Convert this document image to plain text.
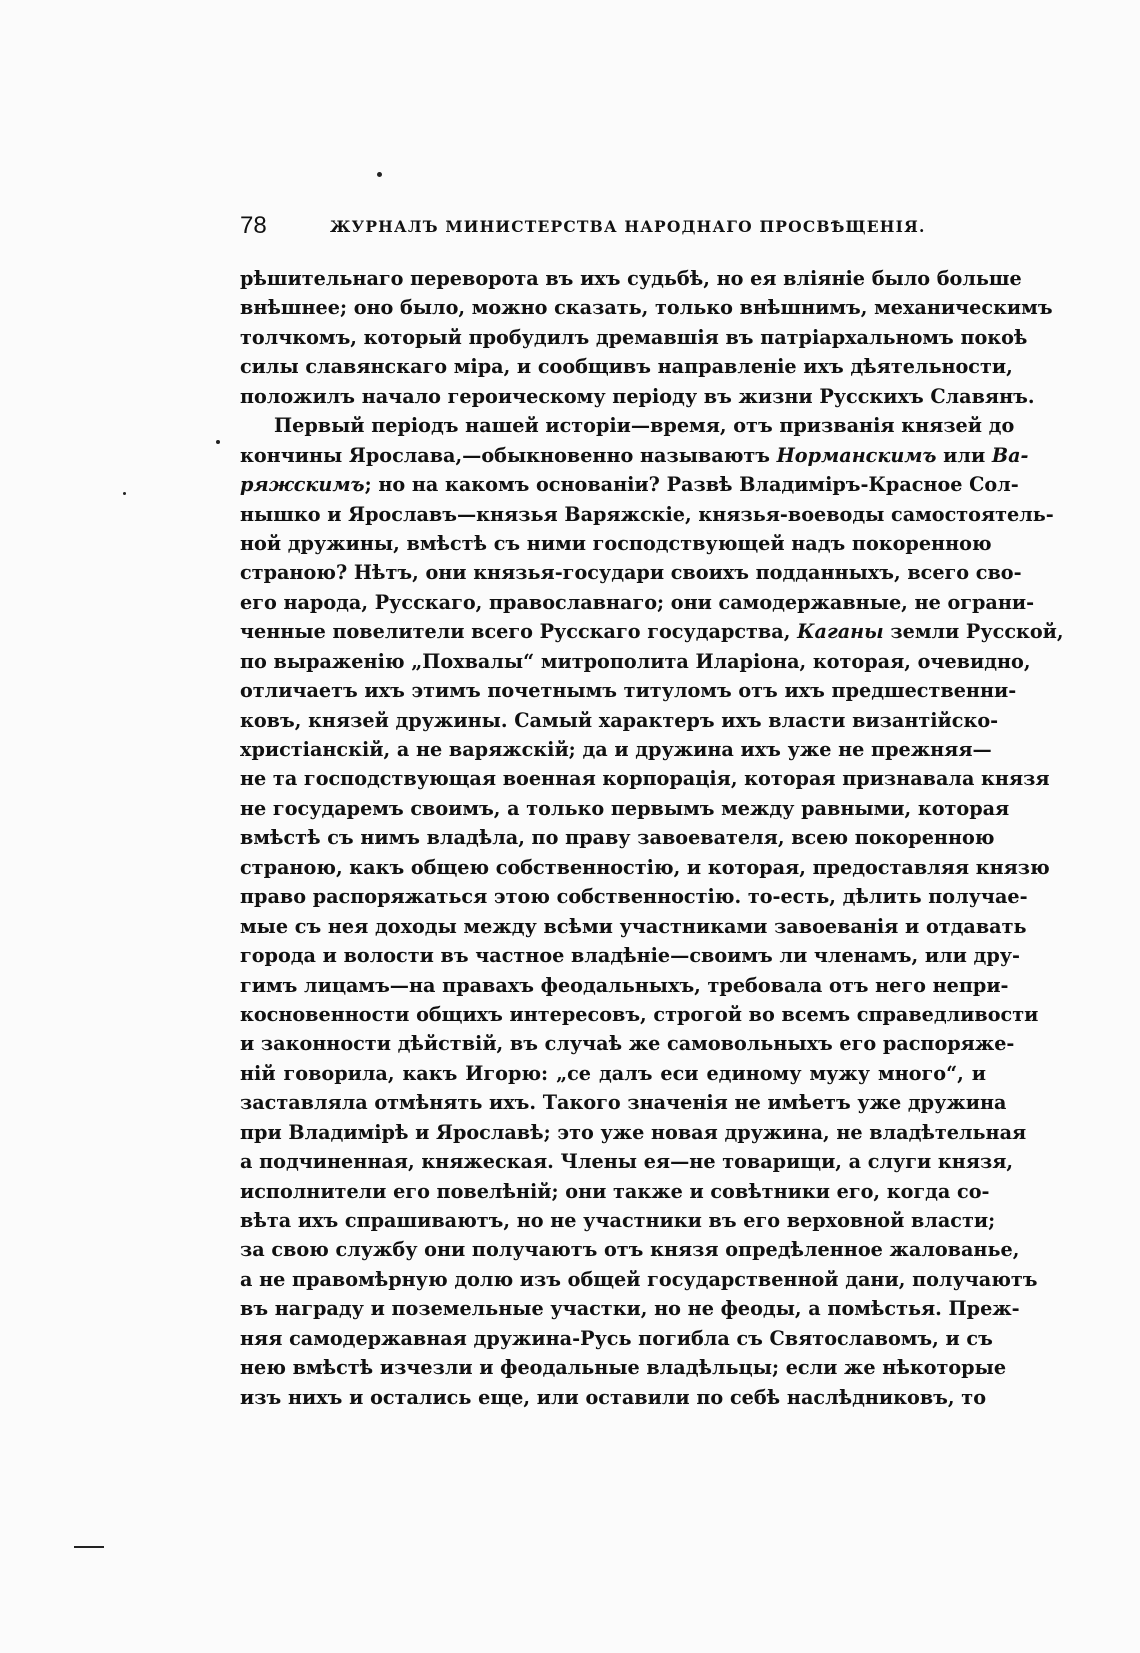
78	ЖУРНАЛЪ МИНИСТЕРСТВА НАРОДНАГО ПРОСВѢЩЕНІЯ.
рѣшительнаго переворота въ ихъ судьбѣ, но ея вліяніе было больше
внѣшнее; оно было, можно сказать, только внѣшнимъ, механическимъ
толчкомъ, который пробудилъ дремавшія въ патріархальномъ покоѣ
силы славянскаго міра, и сообщивъ направленіе ихъ дѣятельности,
положилъ начало героическому періоду въ жизни Русскихъ Славянъ.
Первый періодъ нашей исторіи—время, отъ призванія князей до
кончины Ярослава,—обыкновенно называютъ Норманскимъ или Ва-
ряжскимъ; но на какомъ основаніи? Развѣ Владиміръ-Красное Сол-
нышко и Ярославъ—князья Варяжскіе, князья-воеводы самостоятель-
ной дружины, вмѣстѣ съ ними господствующей надъ покоренною
страною? Нѣтъ, они князья-государи своихъ подданныхъ, всего сво-
его народа, Русскаго, православнаго; они самодержавные, не ограни-
ченные повелители всего Русскаго государства, Каганы земли Русской,
по выраженію „Похвалы“ митрополита Иларіона, которая, очевидно,
отличаетъ ихъ этимъ почетнымъ титуломъ отъ ихъ предшественни-
ковъ, князей дружины. Самый характеръ ихъ власти византійско-
христіанскій, а не варяжскій; да и дружина ихъ уже не прежняя—
не та господствующая военная корпорація, которая признавала князя
не государемъ своимъ, а только первымъ между равными, которая
вмѣстѣ съ нимъ владѣла, по праву завоевателя, всею покоренною
страною, какъ общею собственностію, и которая, предоставляя князю
право распоряжаться этою собственностію. то-есть, дѣлить получае-
мые съ нея доходы между всѣми участниками завоеванія и отдавать
города и волости въ частное владѣніе—своимъ ли членамъ, или дру-
гимъ лицамъ—на правахъ феодальныхъ, требовала отъ него непри-
косновенности общихъ интересовъ, строгой во всемъ справедливости
и законности дѣйствій, въ случаѣ же самовольныхъ его распоряже-
ній говорила, какъ Игорю: „се далъ еси единому мужу много“, и
заставляла отмѣнять ихъ. Такого значенія не имѣетъ уже дружина
при Владимірѣ и Ярославѣ; это уже новая дружина, не владѣтельная
а подчиненная, княжеская. Члены ея—не товарищи, а слуги князя,
исполнители его повелѣній; они также и совѣтники его, когда со-
вѣта ихъ спрашиваютъ, но не участники въ его верховной власти;
за свою службу они получаютъ отъ князя опредѣленное жалованье,
а не правомѣрную долю изъ общей государственной дани, получаютъ
въ награду и поземельные участки, но не феоды, а помѣстья. Преж-
няя самодержавная дружина-Русь погибла съ Святославомъ, и съ
нею вмѣстѣ изчезли и феодальные владѣльцы; если же нѣкоторые
изъ нихъ и остались еще, или оставили по себѣ наслѣдниковъ, то
